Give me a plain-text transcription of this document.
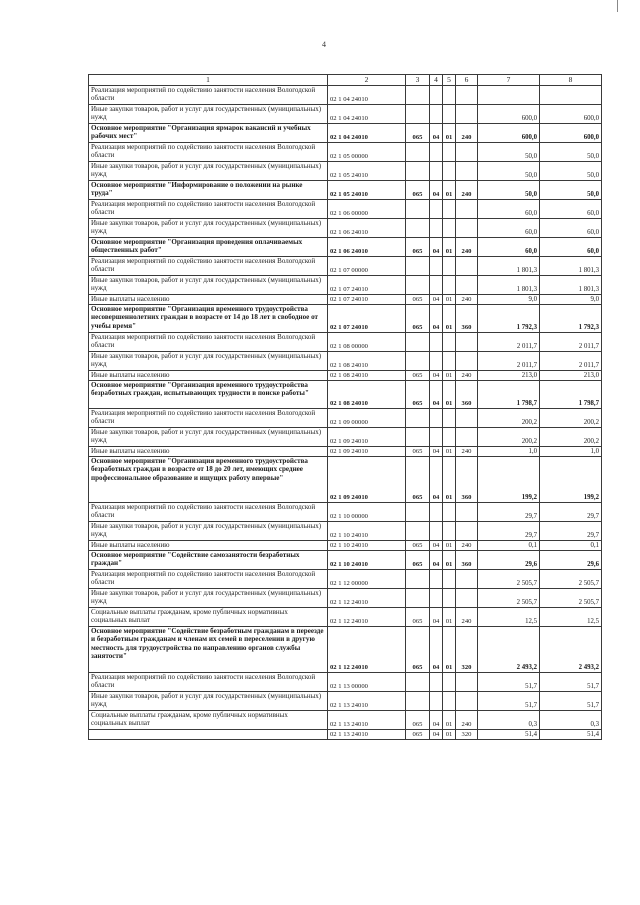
4
1	2	3	4	5	6	7	8
Реализация мероприятий по содействию занятости населения Вологодской области	02 1 04 24010						
Иные закупки товаров, работ и услуг для государственных (муниципальных) нужд	02 1 04 24010					600,0	600,0
Основное мероприятие "Организация ярмарок вакансий и учебных рабочих мест"	02 1 04 24010	065	04	01	240	600,0	600,0
Реализация мероприятий по содействию занятости населения Вологодской области	02 1 05 00000					50,0	50,0
Иные закупки товаров, работ и услуг для государственных (муниципальных) нужд	02 1 05 24010					50,0	50,0
Основное мероприятие "Информирование о положении на рынке труда"	02 1 05 24010	065	04	01	240	50,0	50,0
Реализация мероприятий по содействию занятости населения Вологодской области	02 1 06 00000					60,0	60,0
Иные закупки товаров, работ и услуг для государственных (муниципальных) нужд	02 1 06 24010					60,0	60,0
Основное мероприятие "Организация проведения оплачиваемых общественных работ"	02 1 06 24010	065	04	01	240	60,0	60,0
Реализация мероприятий по содействию занятости населения Вологодской области	02 1 07 00000					1 801,3	1 801,3
Иные закупки товаров, работ и услуг для государственных (муниципальных) нужд	02 1 07 24010					1 801,3	1 801,3
Иные выплаты населению	02 1 07 24010	065	04	01	240	9,0	9,0
Основное мероприятие "Организация временного трудоустройства несовершеннолетних граждан в возрасте от 14 до 18 лет в свободное от учебы время"	02 1 07 24010	065	04	01	360	1 792,3	1 792,3
Реализация мероприятий по содействию занятости населения Вологодской области	02 1 08 00000					2 011,7	2 011,7
Иные закупки товаров, работ и услуг для государственных (муниципальных) нужд	02 1 08 24010					2 011,7	2 011,7
Иные выплаты населению	02 1 08 24010	065	04	01	240	213,0	213,0
Основное мероприятие "Организация временного трудоустройства безработных граждан, испытывающих трудности в поиске работы"	02 1 08 24010	065	04	01	360	1 798,7	1 798,7
Реализация мероприятий по содействию занятости населения Вологодской области	02 1 09 00000					200,2	200,2
Иные закупки товаров, работ и услуг для государственных (муниципальных) нужд	02 1 09 24010					200,2	200,2
Иные выплаты населению	02 1 09 24010	065	04	01	240	1,0	1,0
Основное мероприятие "Организация временного трудоустройства безработных граждан в возрасте от 18 до 20 лет, имеющих среднее профессиональное образование и ищущих работу впервые"	02 1 09 24010	065	04	01	360	199,2	199,2
Реализация мероприятий по содействию занятости населения Вологодской области	02 1 10 00000					29,7	29,7
Иные закупки товаров, работ и услуг для государственных (муниципальных) нужд	02 1 10 24010					29,7	29,7
Иные выплаты населению	02 1 10 24010	065	04	01	240	0,1	0,1
Основное мероприятие "Содействие самозанятости безработных граждан"	02 1 10 24010	065	04	01	360	29,6	29,6
Реализация мероприятий по содействию занятости населения Вологодской области	02 1 12 00000					2 505,7	2 505,7
Иные закупки товаров, работ и услуг для государственных (муниципальных) нужд	02 1 12 24010					2 505,7	2 505,7
Социальные выплаты гражданам, кроме публичных нормативных социальных выплат	02 1 12 24010	065	04	01	240	12,5	12,5
Основное мероприятие "Содействие безработным гражданам в переезде и безработным гражданам и членам их семей в переселении в другую местность для трудоустройства по направлению органов службы занятости"	02 1 12 24010	065	04	01	320	2 493,2	2 493,2
Реализация мероприятий по содействию занятости населения Вологодской области	02 1 13 00000					51,7	51,7
Иные закупки товаров, работ и услуг для государственных (муниципальных) нужд	02 1 13 24010					51,7	51,7
Социальные выплаты гражданам, кроме публичных нормативных социальных выплат	02 1 13 24010	065	04	01	240	0,3	0,3
	02 1 13 24010	065	04	01	320	51,4	51,4
